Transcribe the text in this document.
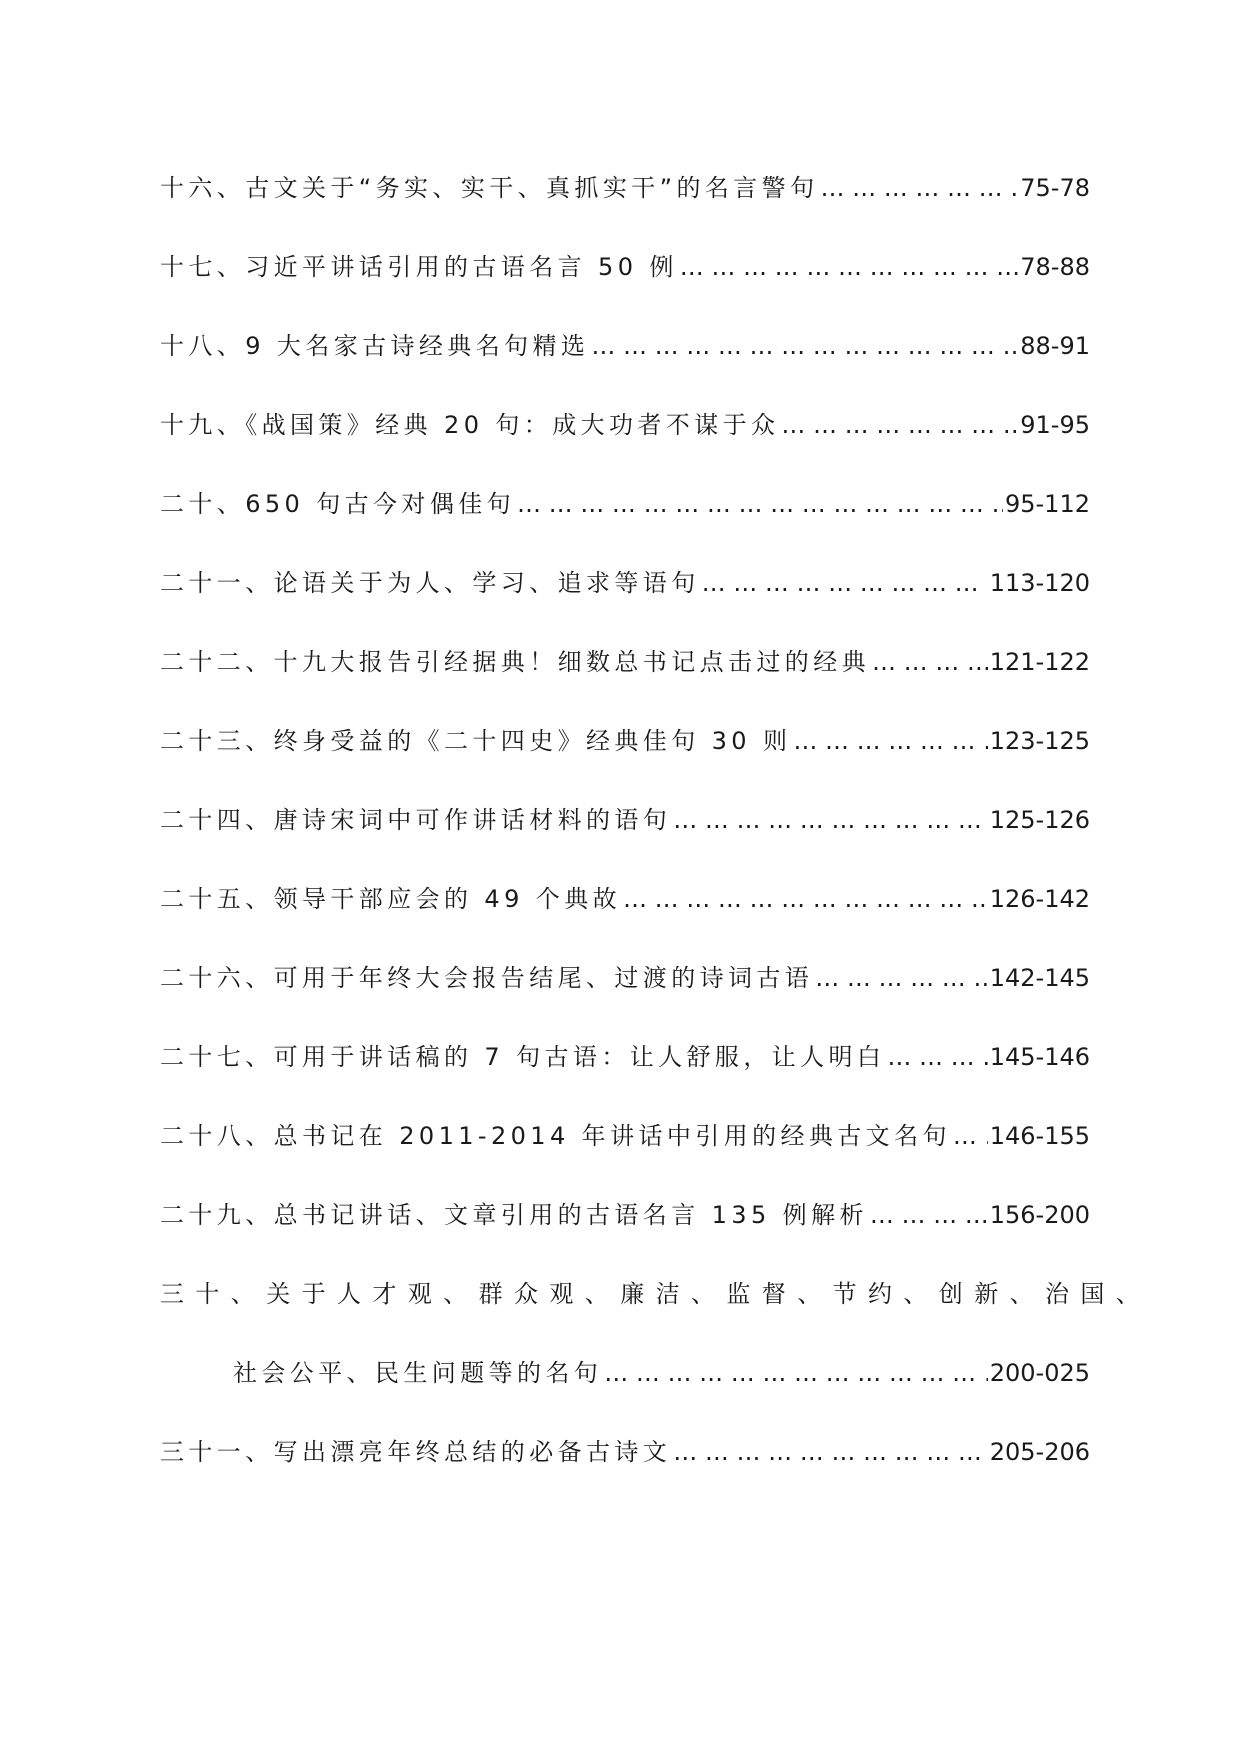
十六、古文关于“务实、实干、真抓实干”的名言警句 … … … … … … … … … … … … … … … … … … … … … … … … … … … … … … … … … … … … … … … … … … … … … … … … … …	75-78
十七、习近平讲话引用的古语名言 50 例 … … … … … … … … … … … … … … … … … … … … … … … … … … … … … … … … … … … … … … … … … … … … … … … … … …	78-88
十八、9 大名家古诗经典名句精选 … … … … … … … … … … … … … … … … … … … … … … … … … … … … … … … … … … … … … … … … … … … … … … … … … …	88-91
十九、《战国策》经典 20 句：成大功者不谋于众 … … … … … … … … … … … … … … … … … … … … … … … … … … … … … … … … … … … … … … … … … … … … … … … … … …	91-95
二十、650 句古今对偶佳句 … … … … … … … … … … … … … … … … … … … … … … … … … … … … … … … … … … … … … … … … … … … … … … … … … …	95-112
二十一、论语关于为人、学习、追求等语句 … … … … … … … … … … … … … … … … … … … … … … … … … … … … … … … … … … … … … … … … … … … … … … … … … …	113-120
二十二、十九大报告引经据典！细数总书记点击过的经典 … … … … … … … … … … … … … … … … … … … … … … … … … … … … … … … … … … … … … … … … … … … … … … … … … …	121-122
二十三、终身受益的《二十四史》经典佳句 30 则 … … … … … … … … … … … … … … … … … … … … … … … … … … … … … … … … … … … … … … … … … … … … … … … … … …	123-125
二十四、唐诗宋词中可作讲话材料的语句 … … … … … … … … … … … … … … … … … … … … … … … … … … … … … … … … … … … … … … … … … … … … … … … … … …	125-126
二十五、领导干部应会的 49 个典故 … … … … … … … … … … … … … … … … … … … … … … … … … … … … … … … … … … … … … … … … … … … … … … … … … …	126-142
二十六、可用于年终大会报告结尾、过渡的诗词古语 … … … … … … … … … … … … … … … … … … … … … … … … … … … … … … … … … … … … … … … … … … … … … … … … … …	142-145
二十七、可用于讲话稿的 7 句古语：让人舒服，让人明白 … … … … … … … … … … … … … … … … … … … … … … … … … … … … … … … … … … … … … … … … … … … … … … … … … …	145-146
二十八、总书记在 2011-2014 年讲话中引用的经典古文名句 … … … … … … … … … … … … … … … … … … … … … … … … … … … … … … … … … … … … … … … … … … … … … … … … … … 146-155
二十九、总书记讲话、文章引用的古语名言 135 例解析 … … … … … … … … … … … … … … … … … … … … … … … … … … … … … … … … … … … … … … … … … … … … … … … … … …	156-200
三十、关于人才观、群众观、廉洁、监督、节约、创新、治国、
社会公平、民生问题等的名句 … … … … … … … … … … … … … … … … … … … … … … … … … … … … … … … … … … … … … … … … … … … … … … … … … …	200-025
三十一、写出漂亮年终总结的必备古诗文 … … … … … … … … … … … … … … … … … … … … … … … … … … … … … … … … … … … … … … … … … … … … … … … … … …	205-206
